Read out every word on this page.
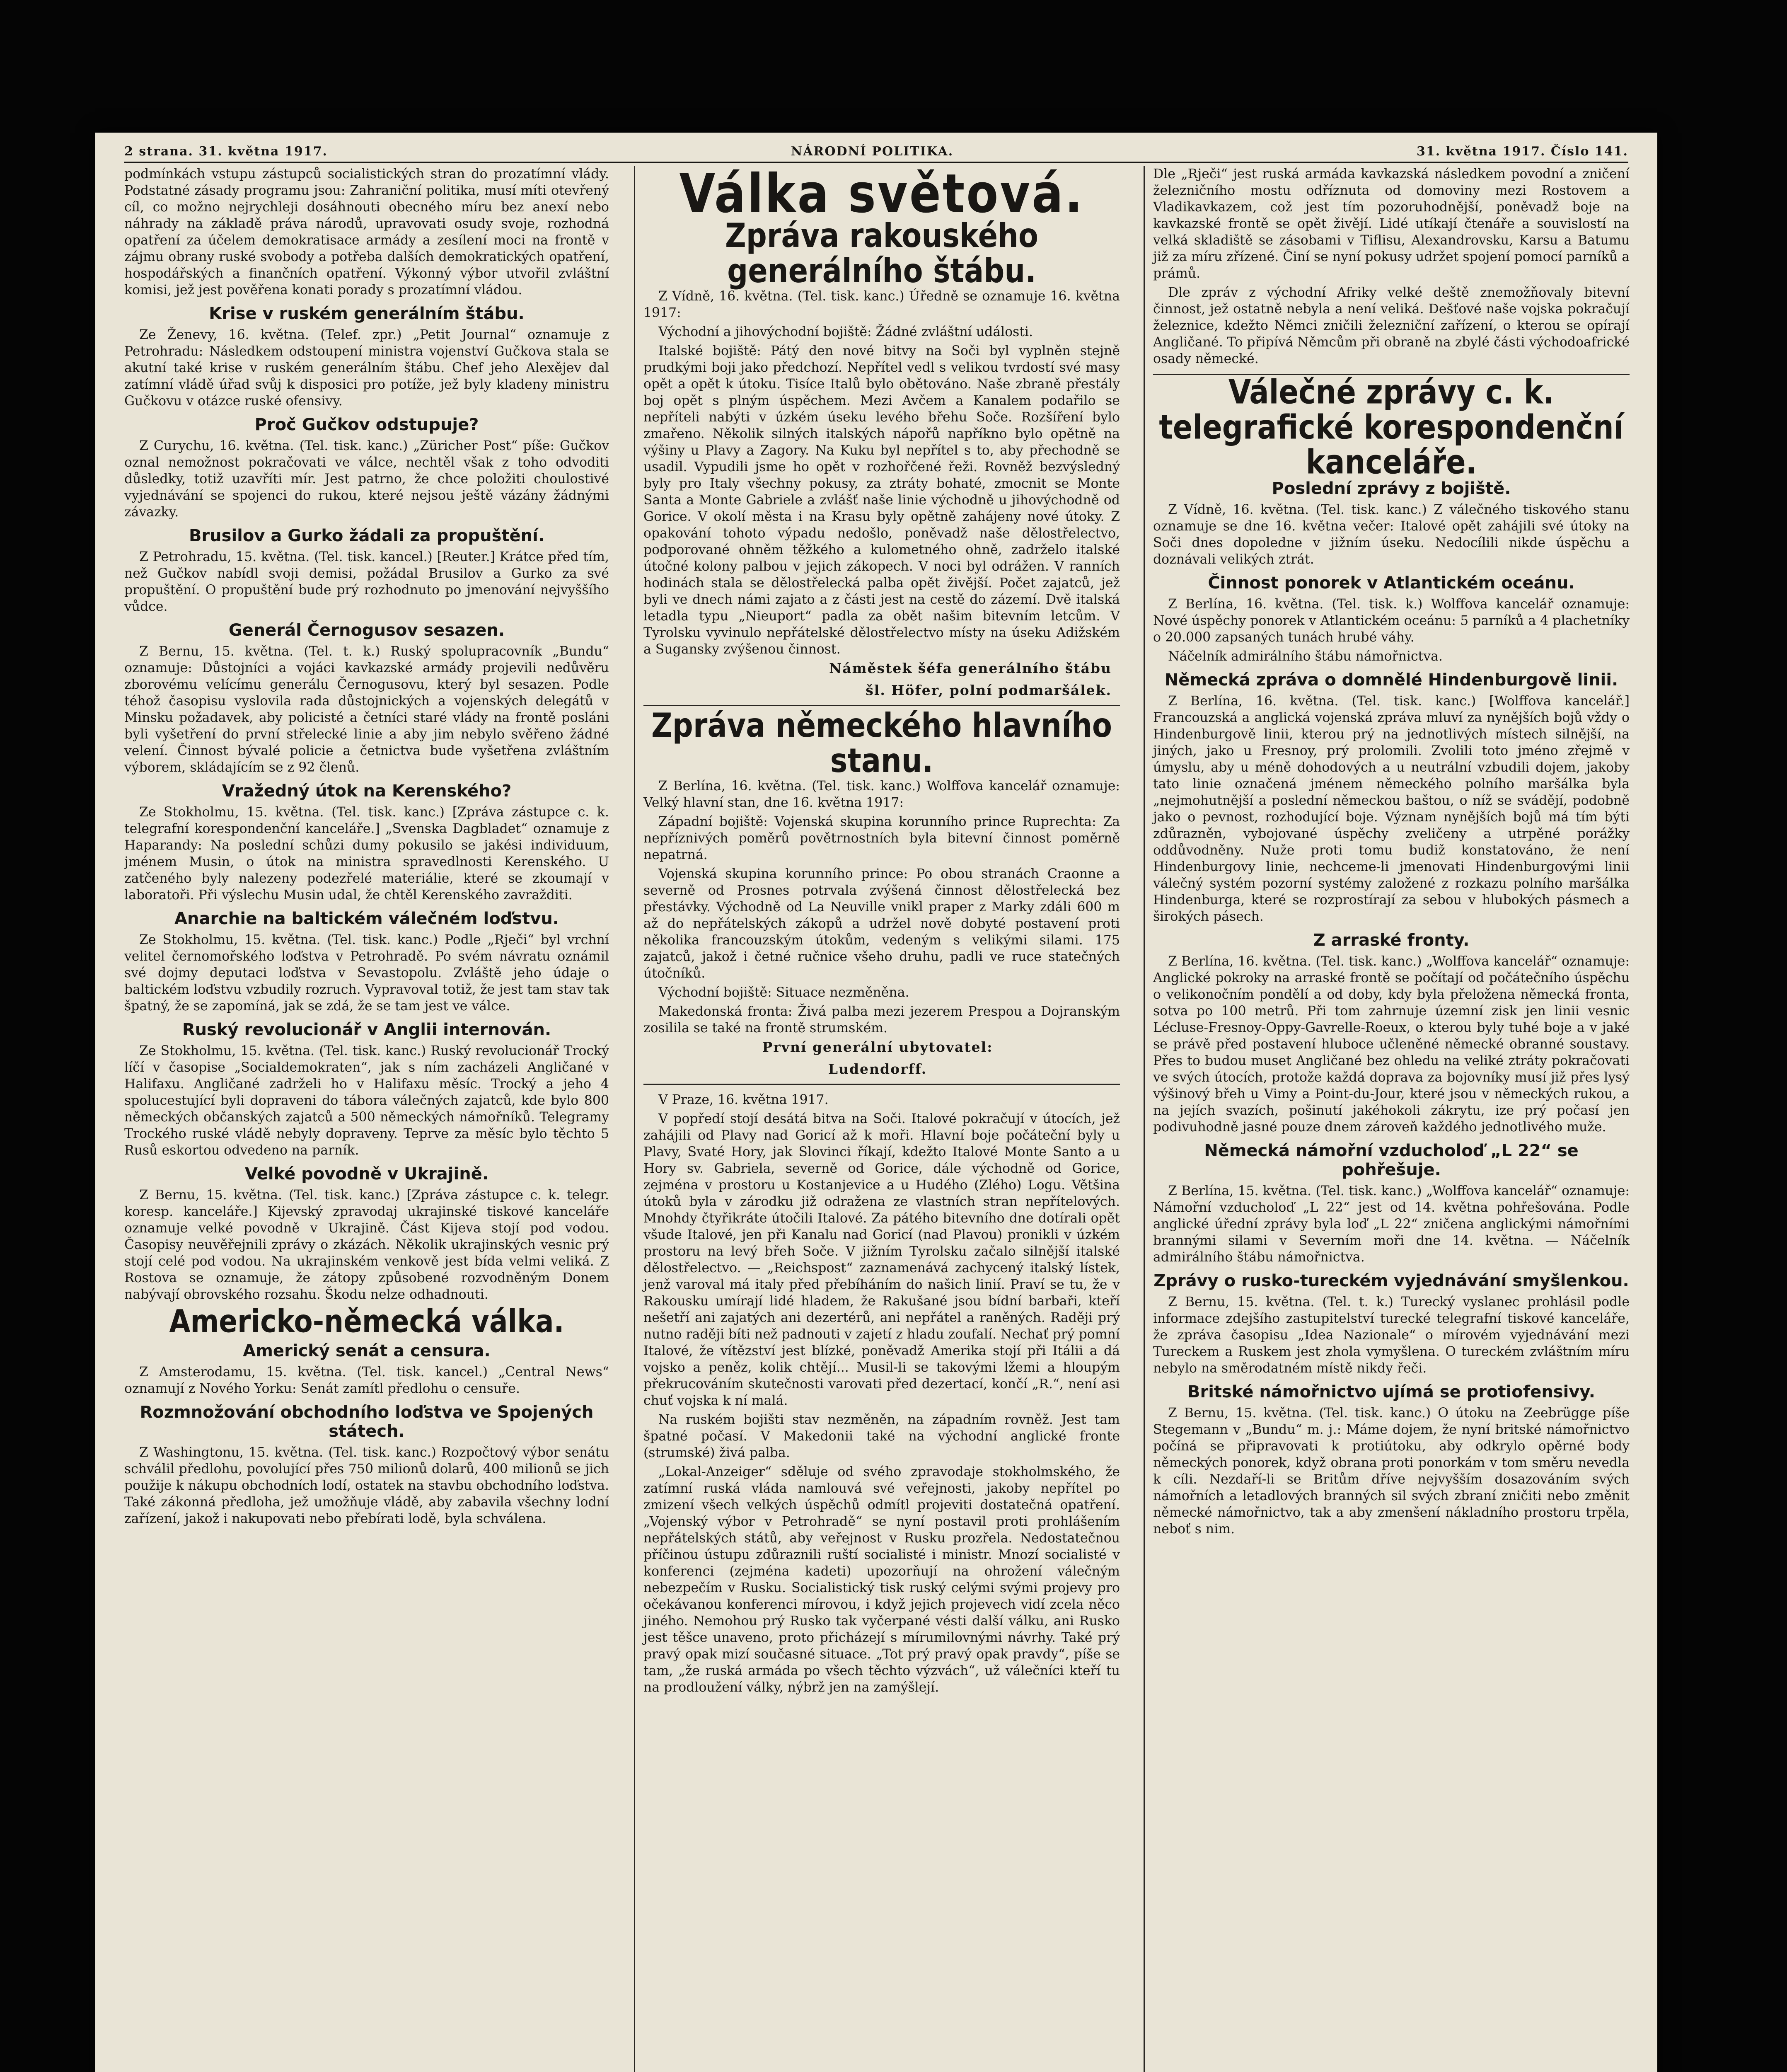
2 strana. 31. května 1917.	NÁRODNÍ POLITIKA.	31. května 1917. Číslo 141.

podmínkách vstupu zástupců socialistických stran do prozatímní vlády. Podstatné zásady programu jsou: Zahraniční politika, musí míti otevřený cíl, co možno nejrychleji dosáhnouti obecného míru bez anexí nebo náhrady na základě práva národů, upravovati osudy svoje, rozhodná opatření za účelem demokratisace armády a zesílení moci na frontě v zájmu obrany ruské svobody a potřeba dalších demokratických opatření, hospodářských a finančních opatření. Výkonný výbor utvořil zvláštní komisi, jež jest pověřena konati porady s prozatímní vládou.

Krise v ruském generálním štábu.

Ze Ženevy, 16. května. (Telef. zpr.) „Petit Journal“ oznamuje z Petrohradu: Následkem odstoupení ministra vojenství Gučkova stala se akutní také krise v ruském generálním štábu. Chef jeho Alexějev dal zatímní vládě úřad svůj k disposici pro potíže, jež byly kladeny ministru Gučkovu v otázce ruské ofensivy.

Proč Gučkov odstupuje?

Z Curychu, 16. května. (Tel. tisk. kanc.) „Züricher Post“ píše: Gučkov oznal nemožnost pokračovati ve válce, nechtěl však z toho odvoditi důsledky, totiž uzavříti mír. Jest patrno, že chce položiti choulostivé vyjednávání se spojenci do rukou, které nejsou ještě vázány žádnými závazky.

Brusilov a Gurko žádali za propuštění.

Z Petrohradu, 15. května. (Tel. tisk. kancel.) [Reuter.] Krátce před tím, než Gučkov nabídl svoji demisi, požádal Brusilov a Gurko za své propuštění. O propuštění bude prý rozhodnuto po jmenování nejvyššího vůdce.

Generál Černogusov sesazen.

Z Bernu, 15. května. (Tel. t. k.) Ruský spolupracovník „Bundu“ oznamuje: Důstojníci a vojáci kavkazské armády projevili nedůvěru zborovému velícímu generálu Černogusovu, který byl sesazen. Podle téhož časopisu vyslovila rada důstojnických a vojenských delegátů v Minsku požadavek, aby policisté a četníci staré vlády na frontě posláni byli vyšetření do první střelecké linie a aby jim nebylo svěřeno žádné velení. Činnost bývalé policie a četnictva bude vyšetřena zvláštním výborem, skládajícím se z 92 členů.

Vražedný útok na Kerenského?

Ze Stokholmu, 15. května. (Tel. tisk. kanc.) [Zpráva zástupce c. k. telegrafní korespondenční kanceláře.] „Svenska Dagbladet“ oznamuje z Haparandy: Na poslední schůzi dumy pokusilo se jakési individuum, jménem Musin, o útok na ministra spravedlnosti Kerenského. U zatčeného byly nalezeny podezřelé materiálie, které se zkoumají v laboratoři. Při výslechu Musin udal, že chtěl Kerenského zavražditi.

Anarchie na baltickém válečném loďstvu.

Ze Stokholmu, 15. května. (Tel. tisk. kanc.) Podle „Rječi“ byl vrchní velitel černomořského loďstva v Petrohradě. Po svém návratu oznámil své dojmy deputaci loďstva v Sevastopolu. Zvláště jeho údaje o baltickém loďstvu vzbudily rozruch. Vypravoval totiž, že jest tam stav tak špatný, že se zapomíná, jak se zdá, že se tam jest ve válce.

Ruský revolucionář v Anglii internován.

Ze Stokholmu, 15. května. (Tel. tisk. kanc.) Ruský revolucionář Trocký líčí v časopise „Socialdemokraten“, jak s ním zacházeli Angličané v Halifaxu. Angličané zadrželi ho v Halifaxu měsíc. Trocký a jeho 4 spolucestující byli dopraveni do tábora válečných zajatců, kde bylo 800 německých občanských zajatců a 500 německých námořníků. Telegramy Trockého ruské vládě nebyly dopraveny. Teprve za měsíc bylo těchto 5 Rusů eskortou odvedeno na parník.

Velké povodně v Ukrajině.

Z Bernu, 15. května. (Tel. tisk. kanc.) [Zpráva zástupce c. k. telegr. koresp. kanceláře.] Kijevský zpravodaj ukrajinské tiskové kanceláře oznamuje velké povodně v Ukrajině. Část Kijeva stojí pod vodou. Časopisy neuvěřejnili zprávy o zkázách. Několik ukrajinských vesnic prý stojí celé pod vodou. Na ukrajinském venkově jest bída velmi veliká. Z Rostova se oznamuje, že zátopy způsobené rozvodněným Donem nabývají obrovského rozsahu. Škodu nelze odhadnouti.

Americko-německá válka.
Americký senát a censura.

Z Amsterodamu, 15. května. (Tel. tisk. kancel.) „Central News“ oznamují z Nového Yorku: Senát zamítl předlohu o censuře.

Rozmnožování obchodního loďstva ve Spojených státech.

Z Washingtonu, 15. května. (Tel. tisk. kanc.) Rozpočtový výbor senátu schválil předlohu, povolující přes 750 milionů dolarů, 400 milionů se jich použije k nákupu obchodních lodí, ostatek na stavbu obchodního loďstva. Také zákonná předloha, jež umožňuje vládě, aby zabavila všechny lodní zařízení, jakož i nakupovati nebo přebírati lodě, byla schválena.

Válka světová.
Zpráva rakouského generálního štábu.

Z Vídně, 16. května. (Tel. tisk. kanc.) Úředně se oznamuje 16. května 1917:

Východní a jihovýchodní bojiště: Žádné zvláštní události.

Italské bojiště: Pátý den nové bitvy na Soči byl vyplněn stejně prudkými boji jako předchozí. Nepřítel vedl s velikou tvrdostí své masy opět a opět k útoku. Tisíce Italů bylo obětováno. Naše zbraně přestály boj opět s plným úspěchem. Mezi Avčem a Kanalem podařilo se nepříteli nabýti v úzkém úseku levého břehu Soče. Rozšíření bylo zmařeno. Několik silných italských nápořů napříkno bylo opětně na výšiny u Plavy a Zagory. Na Kuku byl nepřítel s to, aby přechodně se usadil. Vypudili jsme ho opět v rozhořčené řeži. Rovněž bezvýsledný byly pro Italy všechny pokusy, za ztráty bohaté, zmocnit se Monte Santa a Monte Gabriele a zvlášť naše linie východně u jihovýchodně od Gorice. V okolí města i na Krasu byly opětně zahájeny nové útoky. Z opakování tohoto výpadu nedošlo, poněvadž naše dělostřelectvo, podporované ohněm těžkého a kulometného ohně, zadrželo italské útočné kolony palbou v jejich zákopech. V noci byl odrážen. V ranních hodinách stala se dělostřelecká palba opět živější. Počet zajatců, jež byli ve dnech námi zajato a z části jest na cestě do zázemí. Dvě italská letadla typu „Nieuport“ padla za obět našim bitevním letcům. V Tyrolsku vyvinulo nepřátelské dělostřelectvo místy na úseku Adižském a Sugansky zvýšenou činnost.

Náměstek šéfa generálního štábu
šl. Höfer, polní podmaršálek.
Zpráva německého hlavního stanu.

Z Berlína, 16. května. (Tel. tisk. kanc.) Wolffova kancelář oznamuje: Velký hlavní stan, dne 16. května 1917:

Západní bojiště: Vojenská skupina korunního prince Ruprechta: Za nepříznivých poměrů povětrnostních byla bitevní činnost poměrně nepatrná.

Vojenská skupina korunního prince: Po obou stranách Craonne a severně od Prosnes potrvala zvýšená činnost dělostřelecká bez přestávky. Východně od La Neuville vnikl praper z Marky zdáli 600 m až do nepřátelských zákopů a udržel nově dobyté postavení proti několika francouzským útokům, vedeným s velikými silami. 175 zajatců, jakož i četné ručnice všeho druhu, padli ve ruce statečných útočníků.

Východní bojiště: Situace nezměněna.

Makedonská fronta: Živá palba mezi jezerem Prespou a Dojranským zosilila se také na frontě strumském.

První generální ubytovatel:
Ludendorff.

V Praze, 16. května 1917.

V popředí stojí desátá bitva na Soči. Italové pokračují v útocích, jež zahájili od Plavy nad Goricí až k moři. Hlavní boje počáteční byly u Plavy, Svaté Hory, jak Slovinci říkají, kdežto Italové Monte Santo a u Hory sv. Gabriela, severně od Gorice, dále východně od Gorice, zejména v prostoru u Kostanjevice a u Hudého (Zlého) Logu. Většina útoků byla v zárodku již odražena ze vlastních stran nepřítelových. Mnohdy čtyřikráte útočili Italové. Za pátého bitevního dne dotírali opět všude Italové, jen při Kanalu nad Goricí (nad Plavou) pronikli v úzkém prostoru na levý břeh Soče. V jižním Tyrolsku začalo silnější italské dělostřelectvo. — „Reichspost“ zaznamenává zachycený italský lístek, jenž varoval má italy před přebíháním do našich linií. Praví se tu, že v Rakousku umírají lidé hladem, že Rakušané jsou bídní barbaři, kteří nešetří ani zajatých ani dezertérů, ani nepřátel a raněných. Raději prý nutno raději bíti než padnouti v zajetí z hladu zoufalí. Nechať prý pomní Italové, že vítězství jest blízké, poněvadž Amerika stojí při Itálii a dá vojsko a peněz, kolik chtějí... Musil-li se takovými lžemi a hloupým překrucováním skutečnosti varovati před dezertací, končí „R.“, není asi chuť vojska k ní malá.

Na ruském bojišti stav nezměněn, na západním rovněž. Jest tam špatné počasí. V Makedonii také na východní anglické fronte (strumské) živá palba.

„Lokal-Anzeiger“ sděluje od svého zpravodaje stokholmského, že zatímní ruská vláda namlouvá své veřejnosti, jakoby nepřítel po zmizení všech velkých úspěchů odmítl projeviti dostatečná opatření. „Vojenský výbor v Petrohradě“ se nyní postavil proti prohlášením nepřátelských států, aby veřejnost v Rusku prozřela. Nedostatečnou příčinou ústupu zdůraznili ruští socialisté i ministr. Mnozí socialisté v konferenci (zejména kadeti) upozorňují na ohrožení válečným nebezpečím v Rusku. Socialistický tisk ruský celými svými projevy pro očekávanou konferenci mírovou, i když jejich projevech vidí zcela něco jiného. Nemohou prý Rusko tak vyčerpané vésti další válku, ani Rusko jest těšce unaveno, proto přicházejí s mírumilovnými návrhy. Také prý pravý opak mizí současné situace. „Tot prý pravý opak pravdy“, píše se tam, „že ruská armáda po všech těchto výzvách“, už válečníci kteří tu na prodloužení války, nýbrž jen na zamýšlejí.

Dle „Rječi“ jest ruská armáda kavkazská následkem povodní a zničení železničního mostu odříznuta od domoviny mezi Rostovem a Vladikavkazem, což jest tím pozoruhodnější, poněvadž boje na kavkazské frontě se opět živějí. Lidé utíkají čtenáře a souvislostí na velká skladiště se zásobami v Tiflisu, Alexandrovsku, Karsu a Batumu již za míru zřízené. Činí se nyní pokusy udržet spojení pomocí parníků a prámů.

Dle zpráv z východní Afriky velké deště znemožňovaly bitevní činnost, jež ostatně nebyla a není veliká. Dešťové naše vojska pokračují železnice, kdežto Němci zničili železniční zařízení, o kterou se opírají Angličané. To připívá Němcům při obraně na zbylé části východoafrické osady německé.

Válečné zprávy c. k. telegrafické korespondenční kanceláře.
Poslední zprávy z bojiště.

Z Vídně, 16. května. (Tel. tisk. kanc.) Z válečného tiskového stanu oznamuje se dne 16. května večer: Italové opět zahájili své útoky na Soči dnes dopoledne v jižním úseku. Nedocílili nikde úspěchu a doznávali velikých ztrát.

Činnost ponorek v Atlantickém oceánu.

Z Berlína, 16. května. (Tel. tisk. k.) Wolffova kancelář oznamuje: Nové úspěchy ponorek v Atlantickém oceánu: 5 parníků a 4 plachetníky o 20.000 zapsaných tunách hrubé váhy.

Náčelník admirálního štábu námořnictva.

Německá zpráva o domnělé Hindenburgově linii.

Z Berlína, 16. května. (Tel. tisk. kanc.) [Wolffova kancelář.] Francouzská a anglická vojenská zpráva mluví za nynějších bojů vždy o Hindenburgově linii, kterou prý na jednotlivých místech silnější, na jiných, jako u Fresnoy, prý prolomili. Zvolili toto jméno zřejmě v úmyslu, aby u méně dohodových a u neutrální vzbudili dojem, jakoby tato linie označená jménem německého polního maršálka byla „nejmohutnější a poslední německou baštou, o níž se svádějí, podobně jako o pevnost, rozhodující boje. Význam nynějších bojů má tím býti zdůrazněn, vybojované úspěchy zveličeny a utrpěné porážky oddůvodněny. Nuže proti tomu budiž konstatováno, že není Hindenburgovy linie, nechceme-li jmenovati Hindenburgovými linii válečný systém pozorní systémy založené z rozkazu polního maršálka Hindenburga, které se rozprostírají za sebou v hlubokých pásmech a širokých pásech.

Z arraské fronty.

Z Berlína, 16. května. (Tel. tisk. kanc.) „Wolffova kancelář“ oznamuje: Anglické pokroky na arraské frontě se počítají od počátečního úspěchu o velikonočním pondělí a od doby, kdy byla přeložena německá fronta, sotva po 100 metrů. Při tom zahrnuje územní zisk jen linii vesnic Lécluse-Fresnoy-Oppy-Gavrelle-Roeux, o kterou byly tuhé boje a v jaké se právě před postavení hluboce učleněné německé obranné soustavy. Přes to budou muset Angličané bez ohledu na veliké ztráty pokračovati ve svých útocích, protože každá doprava za bojovníky musí již přes lysý výšinový břeh u Vimy a Point-du-Jour, které jsou v německých rukou, a na jejích svazích, pošinutí jakéhokoli zákrytu, ize prý počasí jen podivuhodně jasné pouze dnem zároveň každého jednotlivého muže.

Německá námořní vzducholoď „L 22“ se pohřešuje.

Z Berlína, 15. května. (Tel. tisk. kanc.) „Wolffova kancelář“ oznamuje: Námořní vzducholoď „L 22“ jest od 14. května pohřešována. Podle anglické úřední zprávy byla loď „L 22“ zničena anglickými námořními brannými silami v Severním moři dne 14. května. — Náčelník admirálního štábu námořnictva.

Zprávy o rusko-tureckém vyjednávání smyšlenkou.

Z Bernu, 15. května. (Tel. t. k.) Turecký vyslanec prohlásil podle informace zdejšího zastupitelství turecké telegrafní tiskové kanceláře, že zpráva časopisu „Idea Nazionale“ o mírovém vyjednávání mezi Tureckem a Ruskem jest zhola vymyšlena. O tureckém zvláštním míru nebylo na směrodatném místě nikdy řeči.

Britské námořnictvo ujímá se protiofensivy.

Z Bernu, 15. května. (Tel. tisk. kanc.) O útoku na Zeebrügge píše Stegemann v „Bundu“ m. j.: Máme dojem, že nyní britské námořnictvo počíná se připravovati k protiútoku, aby odkrylo opěrné body německých ponorek, když obrana proti ponorkám v tom směru nevedla k cíli. Nezdaří-li se Britům dříve nejvyšším dosazováním svých námořních a letadlových branných sil svých zbraní zničiti nebo změnit německé námořnictvo, tak a aby zmenšení nákladního prostoru trpěla, neboť s nim.
